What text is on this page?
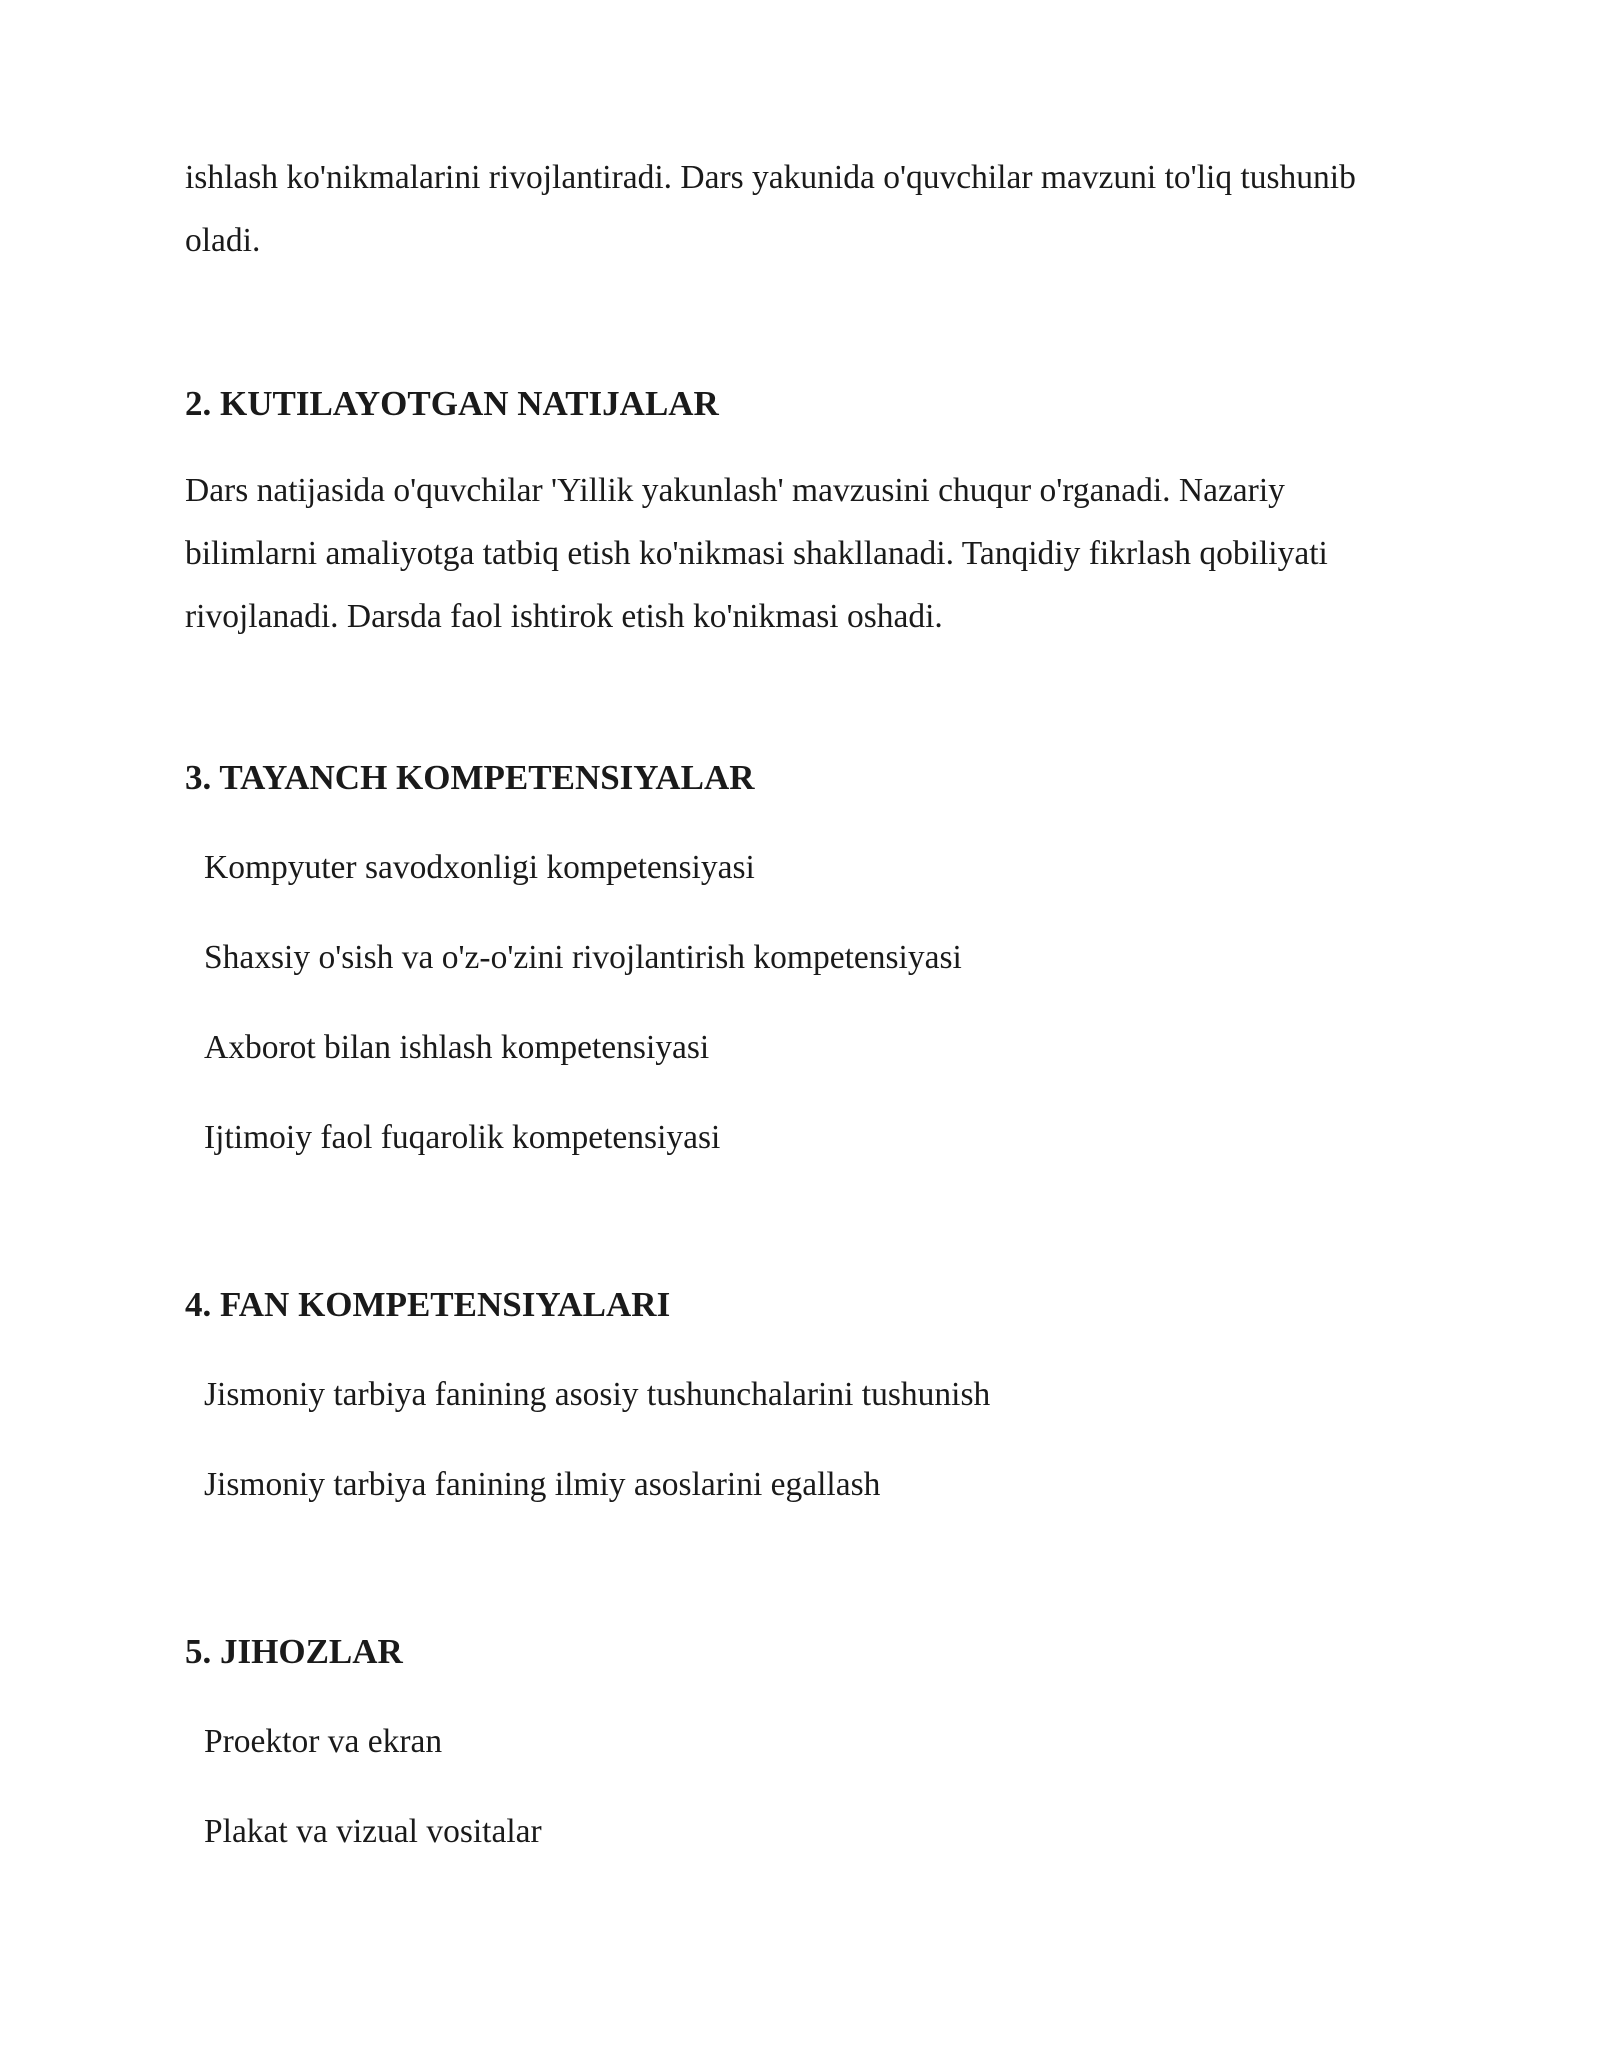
ishlash ko'nikmalarini rivojlantiradi. Dars yakunida o'quvchilar mavzuni to'liq tushunib oladi.

2. KUTILAYOTGAN NATIJALAR

Dars natijasida o'quvchilar 'Yillik yakunlash' mavzusini chuqur o'rganadi. Nazariy bilimlarni amaliyotga tatbiq etish ko'nikmasi shakllanadi. Tanqidiy fikrlash qobiliyati rivojlanadi. Darsda faol ishtirok etish ko'nikmasi oshadi.

3. TAYANCH KOMPETENSIYALAR
Kompyuter savodxonligi kompetensiyasi
Shaxsiy o'sish va o'z-o'zini rivojlantirish kompetensiyasi
Axborot bilan ishlash kompetensiyasi
Ijtimoiy faol fuqarolik kompetensiyasi
4. FAN KOMPETENSIYALARI
Jismoniy tarbiya fanining asosiy tushunchalarini tushunish
Jismoniy tarbiya fanining ilmiy asoslarini egallash
5. JIHOZLAR
Proektor va ekran
Plakat va vizual vositalar
